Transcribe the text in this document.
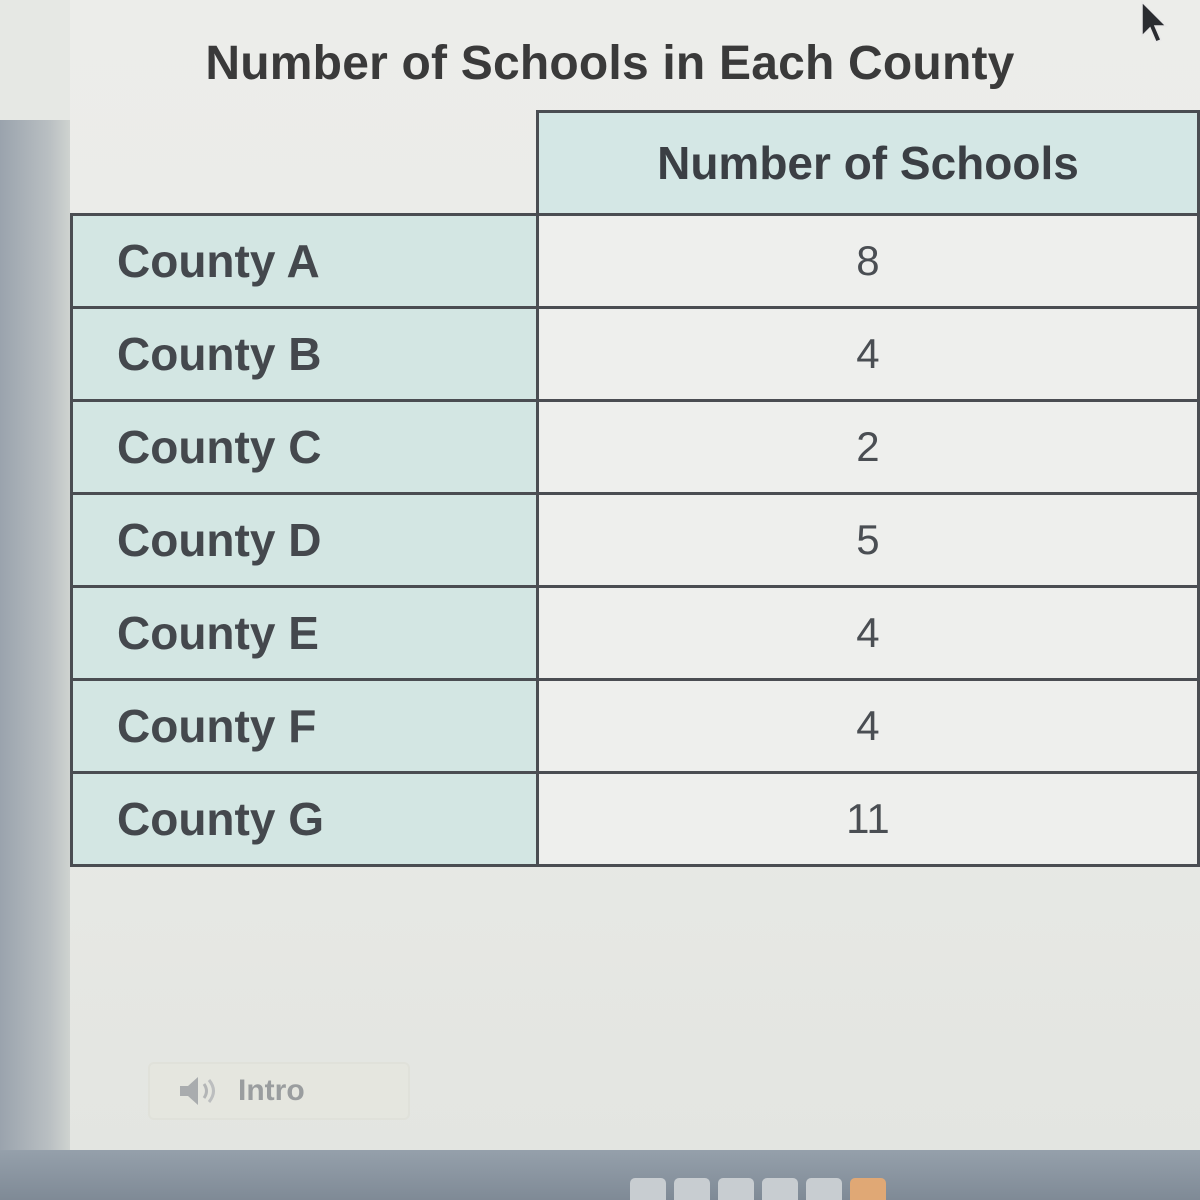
Number of Schools in Each County
	Number of Schools
County A	8
County B	4
County C	2
County D	5
County E	4
County F	4
County G	11
Intro
